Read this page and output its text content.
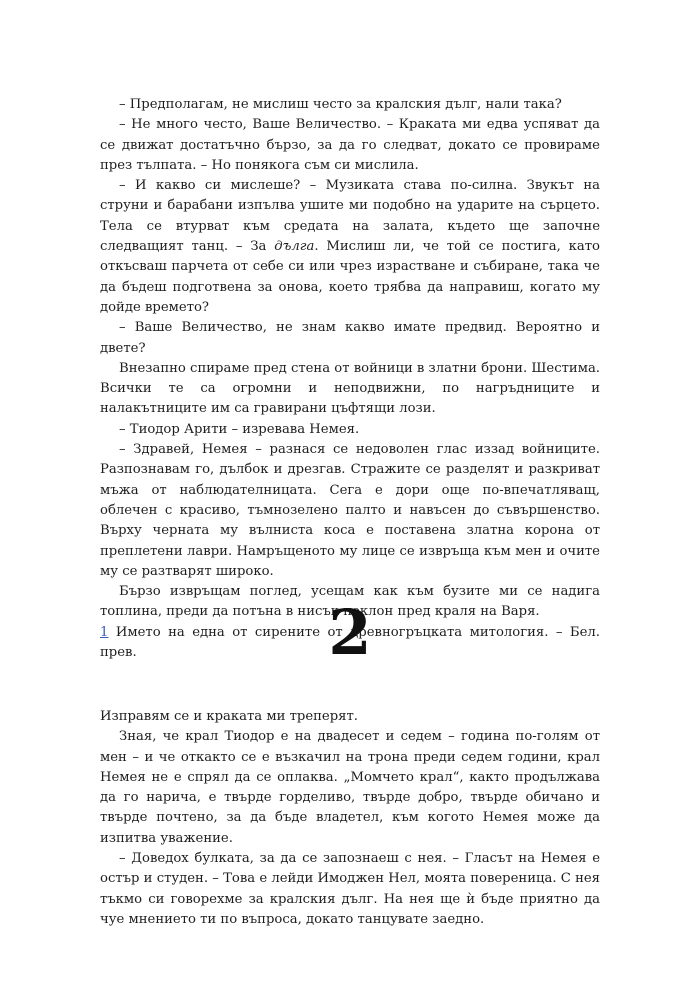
– Предполагам, не мислиш често за кралския дълг, нали така?

– Не много често, Ваше Величество. – Краката ми едва успяват да се движат достатъчно бързо, за да го следват, докато се провираме през тълпата. – Но понякога съм си мислила.

– И какво си мислеше? – Музиката става по-силна. Звукът на струни и барабани изпълва ушите ми подобно на ударите на сърцето. Тела се втурват към средата на залата, където ще започне следващият танц. – За дълга. Мислиш ли, че той се постига, като откъсваш парчета от себе си или чрез израстване и събиране, така че да бъдеш подготвена за онова, което трябва да направиш, когато му дойде времето?

– Ваше Величество, не знам какво имате предвид. Вероятно и двете?

Внезапно спираме пред стена от войници в златни брони. Шестима. Всички те са огромни и неподвижни, по нагръдниците и налакътниците им са гравирани цъфтящи лози.

– Тиодор Арити – изревава Немея.

– Здравей, Немея – разнася се недоволен глас иззад войниците. Разпознавам го, дълбок и дрезгав. Стражите се разделят и разкриват мъжа от наблюдателницата. Сега е дори още по-впечатляващ, облечен с красиво, тъмнозелено палто и навъсен до съвършенство. Върху черната му вълниста коса е поставена златна корона от преплетени лаври. Намръщеното му лице се извръща към мен и очите му се разтварят широко.

Бързо извръщам поглед, усещам как към бузите ми се надига топлина, преди да потъна в нисък поклон пред краля на Варя.

1 Името на една от сирените от древногръцката митология. – Бел. прев.	2

Изправям се и краката ми треперят.

Зная, че крал Тиодор е на двадесет и седем – година по-голям от мен – и че откакто се е възкачил на трона преди седем години, крал Немея не е спрял да се оплаква. „Момчето крал“, както продължава да го нарича, е твърде горделиво, твърде добро, твърде обичано и твърде почтено, за да бъде владетел, към когото Немея може да изпитва уважение.

– Доведох булката, за да се запознаеш с нея. – Гласът на Немея е остър и студен. – Това е лейди Имоджен Нел, моята повереница. С нея тъкмо си говорехме за кралския дълг. На нея ще ѝ бъде приятно да чуе мнението ти по въпроса, докато танцувате заедно.
